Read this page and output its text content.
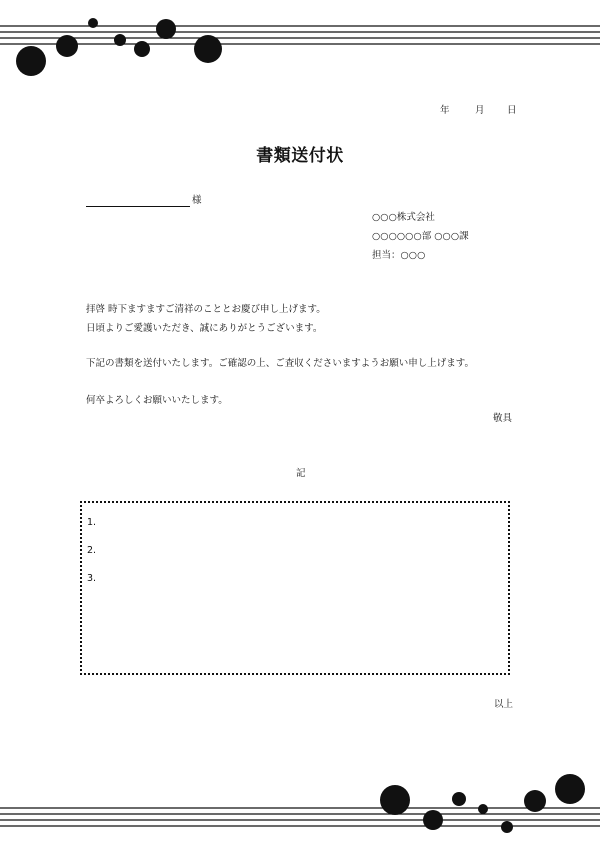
年	月 日
書類送付状
様
○○○株式会社
○○○○○○部 ○○○課
担当：○○○
拝啓 時下ますますご清祥のこととお慶び申し上げます。
日頃よりご愛護いただき、誠にありがとうございます。
下記の書類を送付いたします。ご確認の上、ご査収くださいますようお願い申し上げます。
何卒よろしくお願いいたします。
敬具
記
1.
2.
3.
以上
